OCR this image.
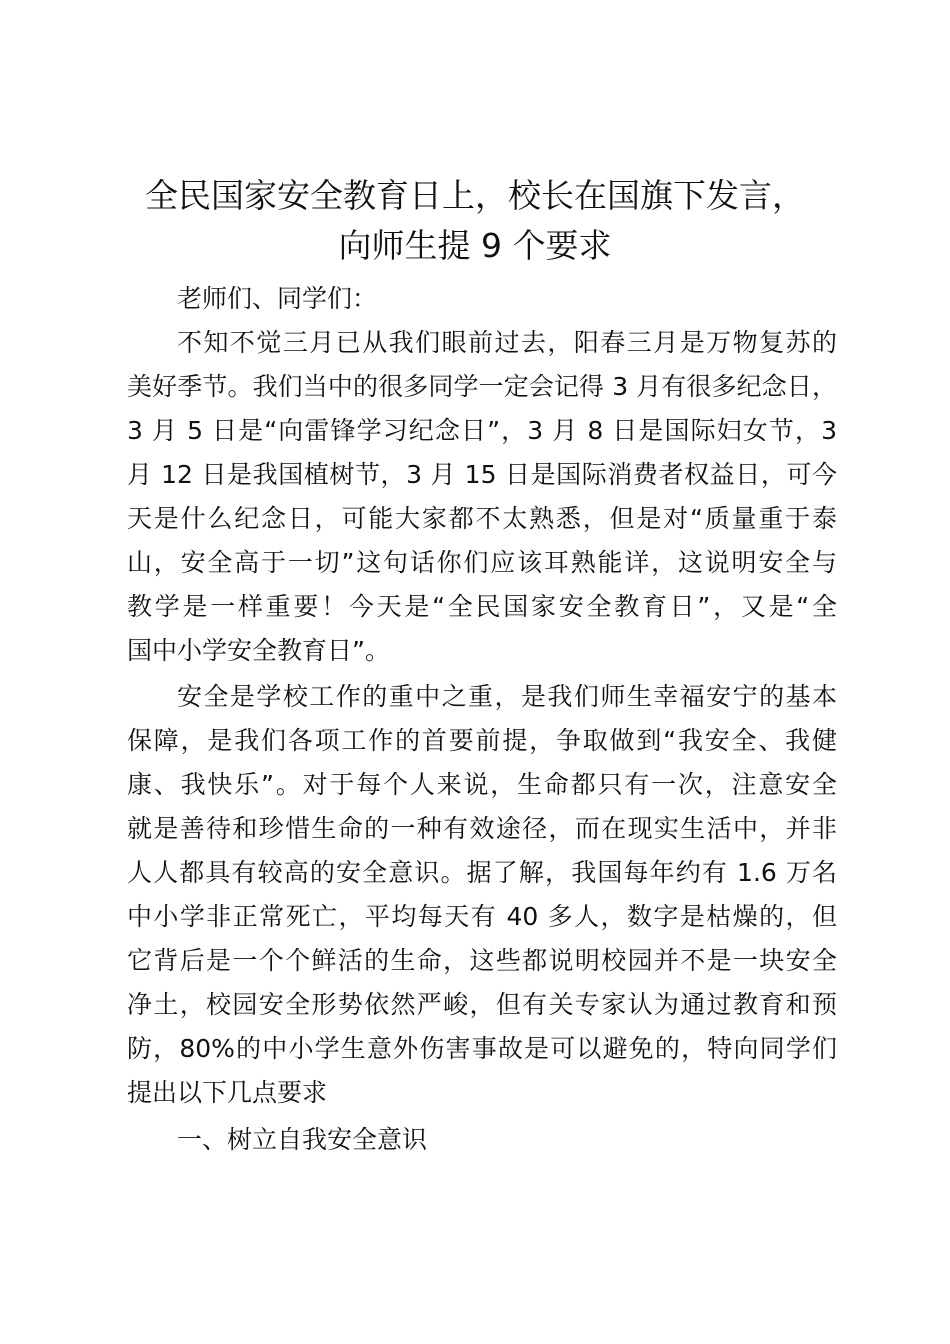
全民国家安全教育日上，校长在国旗下发言，
向师生提 9 个要求

老师们、同学们：

不知不觉三月已从我们眼前过去，阳春三月是万物复苏的

美好季节。我们当中的很多同学一定会记得 3 月有很多纪念日，

3 月 5 日是“向雷锋学习纪念日”，3 月 8 日是国际妇女节，3

月 12 日是我国植树节，3 月 15 日是国际消费者权益日，可今

天是什么纪念日，可能大家都不太熟悉，但是对“质量重于泰

山，安全高于一切”这句话你们应该耳熟能详，这说明安全与

教学是一样重要！今天是“全民国家安全教育日”，又是“全

国中小学安全教育日”。

安全是学校工作的重中之重，是我们师生幸福安宁的基本

保障，是我们各项工作的首要前提，争取做到“我安全、我健

康、我快乐”。对于每个人来说，生命都只有一次，注意安全

就是善待和珍惜生命的一种有效途径，而在现实生活中，并非

人人都具有较高的安全意识。据了解，我国每年约有 1.6 万名

中小学非正常死亡，平均每天有 40 多人，数字是枯燥的，但

它背后是一个个鲜活的生命，这些都说明校园并不是一块安全

净土，校园安全形势依然严峻，但有关专家认为通过教育和预

防，80%的中小学生意外伤害事故是可以避免的，特向同学们

提出以下几点要求

一、树立自我安全意识
